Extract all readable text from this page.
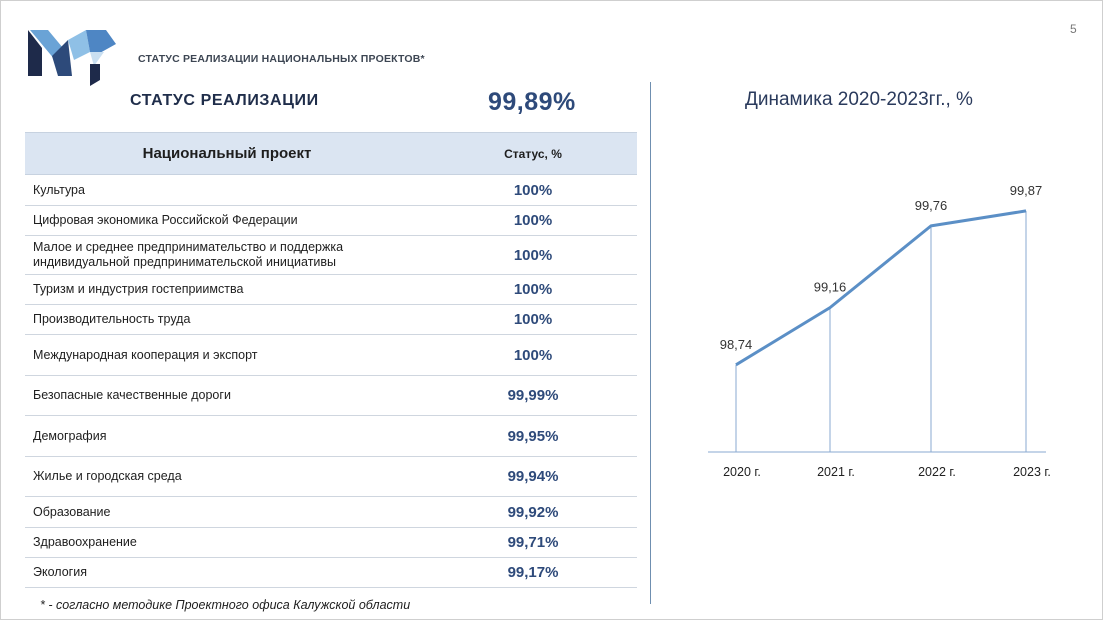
5
СТАТУС РЕАЛИЗАЦИИ НАЦИОНАЛЬНЫХ ПРОЕКТОВ*
СТАТУС РЕАЛИЗАЦИИ	99,89%
Национальный проект	Статус, %
Культура	100%
Цифровая экономика Российской Федерации	100%
Малое и среднее предпринимательство и поддержка индивидуальной предпринимательской инициативы	100%
Туризм и индустрия гостеприимства	100%
Производительность труда	100%
Международная кооперация и экспорт	100%
Безопасные качественные дороги	99,99%
Демография	99,95%
Жилье и городская среда	99,94%
Образование	99,92%
Здравоохранение	99,71%
Экология	99,17%
* - согласно методике Проектного офиса Калужской области
Динамика 2020-2023гг., %
98,74
99,16
99,76
99,87
2020 г.	2021 г.	2022 г.	2023 г.
